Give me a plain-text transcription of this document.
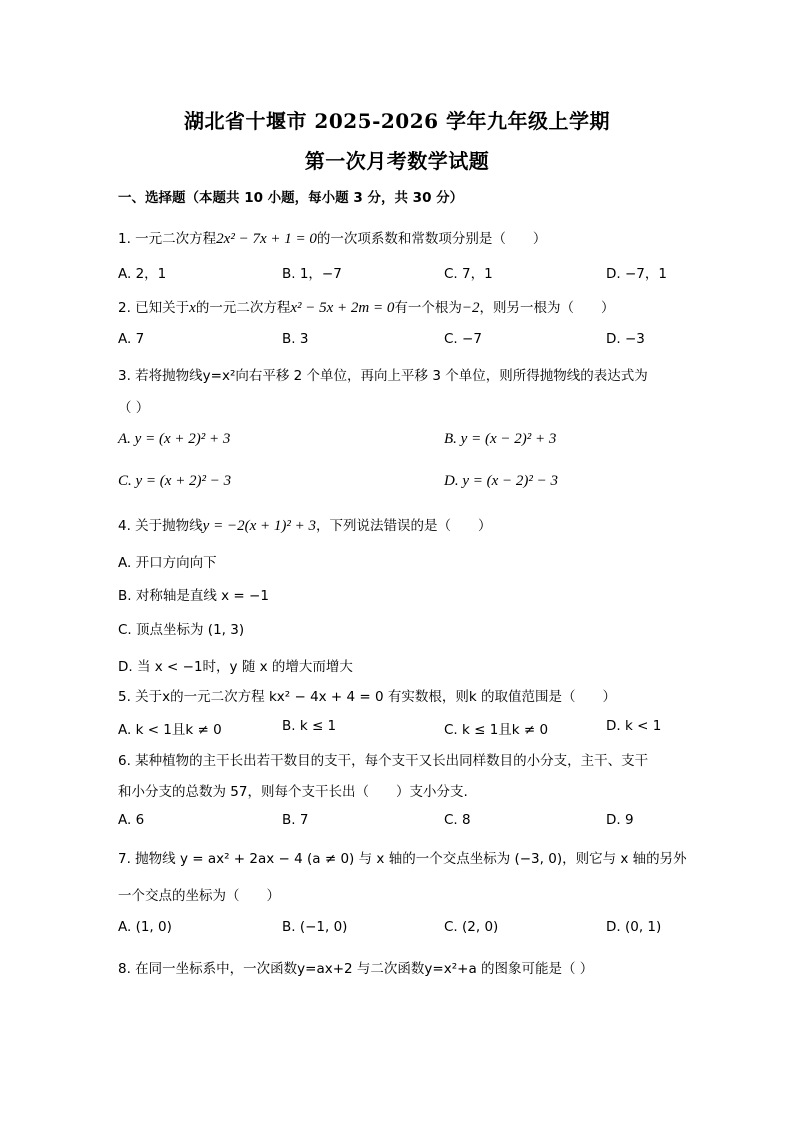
湖北省十堰市 2025-2026 学年九年级上学期
第一次月考数学试题
一、选择题（本题共 10 小题，每小题 3 分，共 30 分）
1. 一元二次方程2x² − 7x + 1 = 0的一次项系数和常数项分别是（　　）
A. 2，1	B. 1，−7	C. 7，1	D. −7，1
2. 已知关于x的一元二次方程x² − 5x + 2m = 0有一个根为−2，则另一根为（　　）
A. 7	B. 3	C. −7	D. −3
3. 若将抛物线y=x²向右平移 2 个单位，再向上平移 3 个单位，则所得抛物线的表达式为
（ ）
A. y = (x + 2)² + 3	B. y = (x − 2)² + 3
C. y = (x + 2)² − 3	D. y = (x − 2)² − 3
4. 关于抛物线y = −2(x + 1)² + 3，下列说法错误的是（　　）
A. 开口方向向下
B. 对称轴是直线 x = −1
C. 顶点坐标为 (1, 3)
D. 当 x < −1时，y 随 x 的增大而增大
5. 关于x的一元二次方程 kx² − 4x + 4 = 0 有实数根，则k 的取值范围是（　　）
A. k < 1且k ≠ 0	B. k ≤ 1	C. k ≤ 1且k ≠ 0	D. k < 1
6. 某种植物的主干长出若干数目的支干，每个支干又长出同样数目的小分支，主干、支干
和小分支的总数为 57，则每个支干长出（　　）支小分支.
A. 6	B. 7	C. 8	D. 9
7. 抛物线 y = ax² + 2ax − 4 (a ≠ 0) 与 x 轴的一个交点坐标为 (−3, 0)，则它与 x 轴的另外
一个交点的坐标为（　　）
A. (1, 0)	B. (−1, 0)	C. (2, 0)	D. (0, 1)
8. 在同一坐标系中，一次函数y=ax+2 与二次函数y=x²+a 的图象可能是（ ）
